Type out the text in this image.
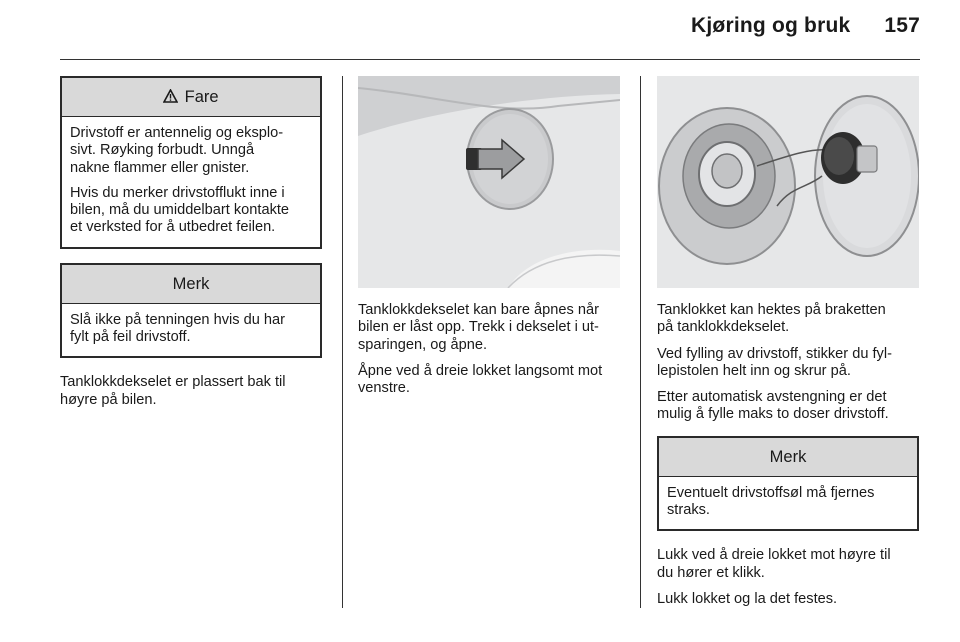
Kjøring og bruk 157
Fare

Drivstoff er antennelig og eksplo-
sivt. Røyking forbudt. Unngå
nakne flammer eller gnister.

Hvis du merker drivstofflukt inne i
bilen, må du umiddelbart kontakte
et verksted for å utbedret feilen.

Merk

Slå ikke på tenningen hvis du har
fylt på feil drivstoff.

Tanklokkdekselet er plassert bak til
høyre på bilen.

Tanklokkdekselet kan bare åpnes når
bilen er låst opp. Trekk i dekselet i ut-
sparingen, og åpne.

Åpne ved å dreie lokket langsomt mot
venstre.

Tanklokket kan hektes på braketten
på tanklokkdekselet.

Ved fylling av drivstoff, stikker du fyl-
lepistolen helt inn og skrur på.

Etter automatisk avstengning er det
mulig å fylle maks to doser drivstoff.

Merk

Eventuelt drivstoffsøl må fjernes
straks.

Lukk ved å dreie lokket mot høyre til
du hører et klikk.

Lukk lokket og la det festes.
